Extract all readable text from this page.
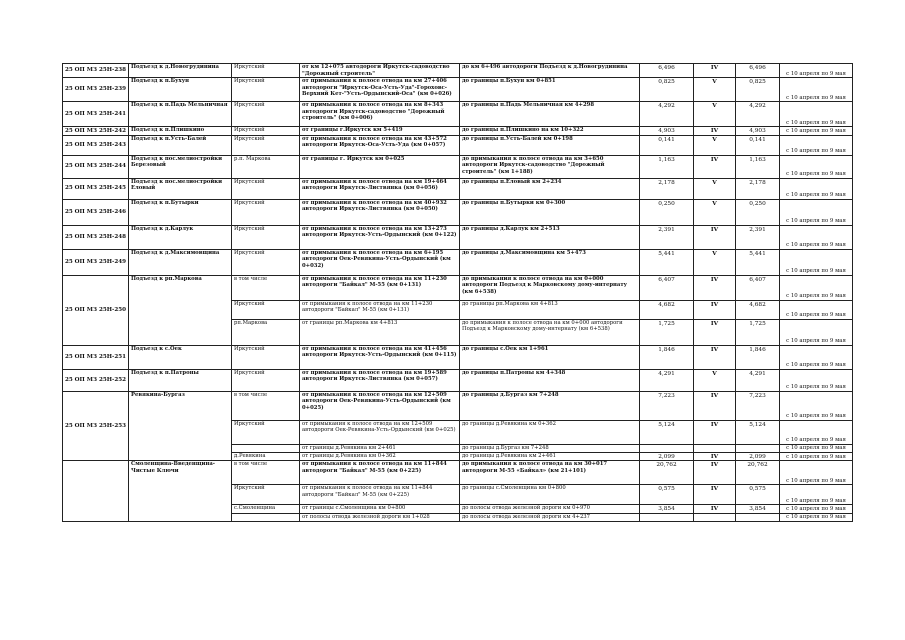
25 ОП МЗ 25Н-238	Подъезд к д.Новогрудинина	Иркутский	от км 12+075 автодороги Иркутск-садоводство "Дорожный строитель"	до км 6+496 автодороги Подъезд к д.Новогрудинина	6,496	IV	6,496	с 10 апреля по 9 мая
25 ОП МЗ 25Н-239	Подъезд к п.Бухун	Иркутский	от примыкания к полосе отвода на км 27+406 автодороги "Иркутск-Оса-Усть-Уда"-Гороховс-Верхний Кет-"Усть-Ордынский-Оса" (км 0+026)	до границы п.Бухун км 0+851	0,825	V	0,825	с 10 апреля по 9 мая
25 ОП МЗ 25Н-241	Подъезд к п.Падь Мельничная	Иркутский	от примыкания к полосе отвода на км 8+343 автодороги Иркутск-садоводство "Дорожный строитель" (км 0+006)	до границы п.Падь Мельничная км 4+298	4,292	V	4,292	с 10 апреля по 9 мая
25 ОП МЗ 25Н-242	Подъезд к п.Плишкино	Иркутский	от границы г.Иркутск км 5+419	до границы п.Плишкино на км 10+322	4,903	IV	4,903	с 10 апреля по 9 мая
25 ОП МЗ 25Н-243	Подъезд к п.Усть-Балей	Иркутский	от примыкания к полосе отвода на км 43+572 автодороги Иркутск-Оса-Усть-Уда (км 0+057)	до границы п.Усть-Балей км 0+198	0,141	V	0,141	с 10 апреля по 9 мая
25 ОП МЗ 25Н-244	Подъезд к пос.мелиостройки Березовый	р.п. Маркова	от границы г. Иркутск км 0+025	до примыкания к полосе отвода на км 3+650 автодороги Иркутск-садоводство "Дорожный строитель" (км 1+188)	1,163	IV	1,163	с 10 апреля по 9 мая
25 ОП МЗ 25Н-245	Подъезд к пос.мелиостройки Еловый	Иркутский	от примыкания к полосе отвода на км 19+464 автодороги Иркутск-Листвянка (км 0+056)	до границы п.Еловый км 2+234	2,178	V	2,178	с 10 апреля по 9 мая
25 ОП МЗ 25Н-246	Подъезд к п.Бутырки	Иркутский	от примыкания к полосе отвода на км 40+932 автодороги Иркутск-Листвянка (км 0+050)	до границы п.Бутырки км 0+300	0,250	V	0,250	с 10 апреля по 9 мая
25 ОП МЗ 25Н-248	Подъезд к д.Карлук	Иркутский	от примыкания к полосе отвода на км 13+273 автодороги Иркутск-Усть-Ордынский (км 0+122)	до границы д.Карлук км 2+513	2,391	IV	2,391	с 10 апреля по 9 мая
25 ОП МЗ 25Н-249	Подъезд к д.Максимовщина	Иркутский	от примыкания к полосе отвода на км 6+195 автодороги Оек-Ревякина-Усть-Ордынский (км 0+032)	до границы д.Максимовщина км 5+473	5,441	V	5,441	с 10 апреля по 9 мая
25 ОП МЗ 25Н-250	Подъезд к рп.Маркова	в том числе	от примыкания к полосе отвода на км 11+230 автодороги "Байкал" М-55 (км 0+131)	до примыкания к полосе отвода на км 0+000 автодороги Подъезд к Марковскому дому-интернату (км 6+538)	6,407	IV	6,407	с 10 апреля по 9 мая
		Иркутский	от примыкания к полосе отвода на км 11+230 автодороги "Байкал" М-55 (км 0+131)	до границы рп.Маркова км 4+813	4,682	IV	4,682	с 10 апреля по 9 мая
		рп.Маркова	от границы рп.Маркова км 4+813	до примыкания к полосе отвода на км 0+000 автодороги Подъезд к Марковскому дому-интернату (км 6+538)	1,725	IV	1,725	с 10 апреля по 9 мая
25 ОП МЗ 25Н-251	Подъезд к с.Оек	Иркутский	от примыкания к полосе отвода на км 41+456 автодороги Иркутск-Усть-Ордынский (км 0+115)	до границы с.Оек км 1+961	1,846	IV	1,846	с 10 апреля по 9 мая
25 ОП МЗ 25Н-252	Подъезд к п.Патроны	Иркутский	от примыкания к полосе отвода на км 19+589 автодороги Иркутск-Листвянка (км 0+057)	до границы п.Патроны км 4+348	4,291	V	4,291	с 10 апреля по 9 мая
25 ОП МЗ 25Н-253	Ревякина-Бургаз	в том числе	от примыкания к полосе отвода на км 12+509 автодороги Оек-Ревякина-Усть-Ордынский (км 0+025)	до границы д.Бургаз км 7+248	7,223	IV	7,223	с 10 апреля по 9 мая
		Иркутский	от примыкания к полосе отвода на км 12+509 автодороги Оек-Ревякина-Усть-Ордынский (км 0+025)	до границы д.Ревякина км 0+362	5,124	IV	5,124	с 10 апреля по 9 мая
			от границы д.Ревякина км 2+461	до границы д.Бургаз км 7+248				с 10 апреля по 9 мая
		д.Ревякина	от границы д.Ревякина км 0+362	до границы д.Ревякина км 2+461	2,099	IV	2,099	с 10 апреля по 9 мая
	Смоленщина-Введенщина-Чистые Ключи	в том числе	от примыкания к полосе отвода на км 11+844 автодороги "Байкал" М-55 (км 0+225)	до примыкания к полосе отвода на км 30+017 автодороги М-55 «Байкал» (км 21+101)	20,762	IV	20,762	с 10 апреля по 9 мая
		Иркутский	от примыкания к полосе отвода на км 11+844 автодороги "Байкал" М-55 (км 0+225)	до границы с.Смоленщина км 0+800	0,575	IV	0,575	с 10 апреля по 9 мая
		с.Смоленщина	от границы с.Смоленщина км 0+800	до полосы отвода железной дороги км 0+970	3,854	IV	3,854	с 10 апреля по 9 мая
			от полосы отвода железной дороги км 1+028	до полосы отвода железной дороги км 4+237				с 10 апреля по 9 мая
